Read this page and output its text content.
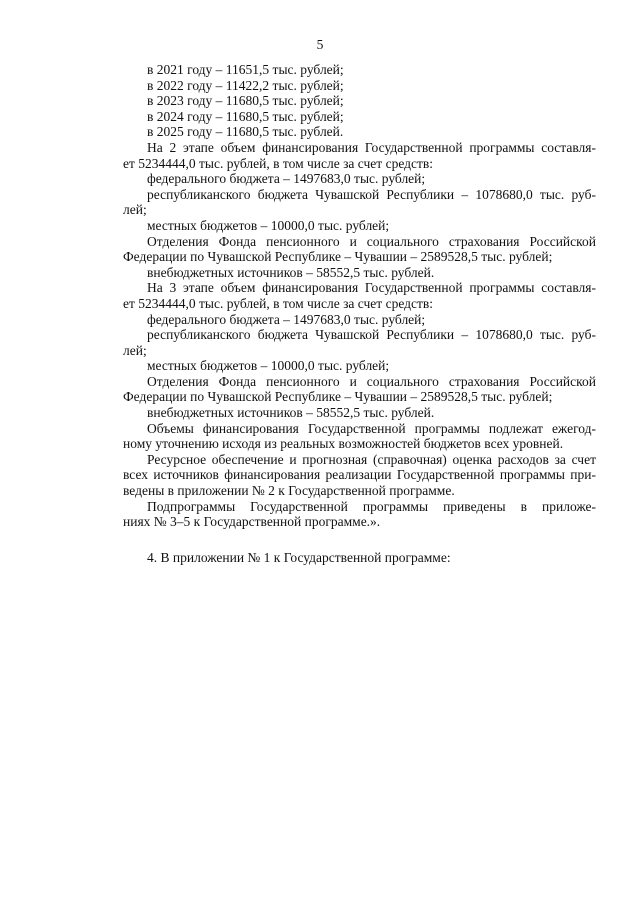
5
в 2021 году – 11651,5 тыс. рублей;
в 2022 году – 11422,2 тыс. рублей;
в 2023 году – 11680,5 тыс. рублей;
в 2024 году – 11680,5 тыс. рублей;
в 2025 году – 11680,5 тыс. рублей.
На 2 этапе объем финансирования Государственной программы составля-
ет 5234444,0 тыс. рублей, в том числе за счет средств:
федерального бюджета – 1497683,0 тыс. рублей;
республиканского бюджета Чувашской Республики – 1078680,0 тыс. руб-
лей;
местных бюджетов – 10000,0 тыс. рублей;
Отделения Фонда пенсионного и социального страхования Российской
Федерации по Чувашской Республике – Чувашии – 2589528,5 тыс. рублей;
внебюджетных источников – 58552,5 тыс. рублей.
На 3 этапе объем финансирования Государственной программы составля-
ет 5234444,0 тыс. рублей, в том числе за счет средств:
федерального бюджета – 1497683,0 тыс. рублей;
республиканского бюджета Чувашской Республики – 1078680,0 тыс. руб-
лей;
местных бюджетов – 10000,0 тыс. рублей;
Отделения Фонда пенсионного и социального страхования Российской
Федерации по Чувашской Республике – Чувашии – 2589528,5 тыс. рублей;
внебюджетных источников – 58552,5 тыс. рублей.
Объемы финансирования Государственной программы подлежат ежегод-
ному уточнению исходя из реальных возможностей бюджетов всех уровней.
Ресурсное обеспечение и прогнозная (справочная) оценка расходов за счет
всех источников финансирования реализации Государственной программы при-
ведены в приложении № 2 к Государственной программе.
Подпрограммы Государственной программы приведены в приложе-
ниях № 3–5 к Государственной программе.».
4. В приложении № 1 к Государственной программе:
